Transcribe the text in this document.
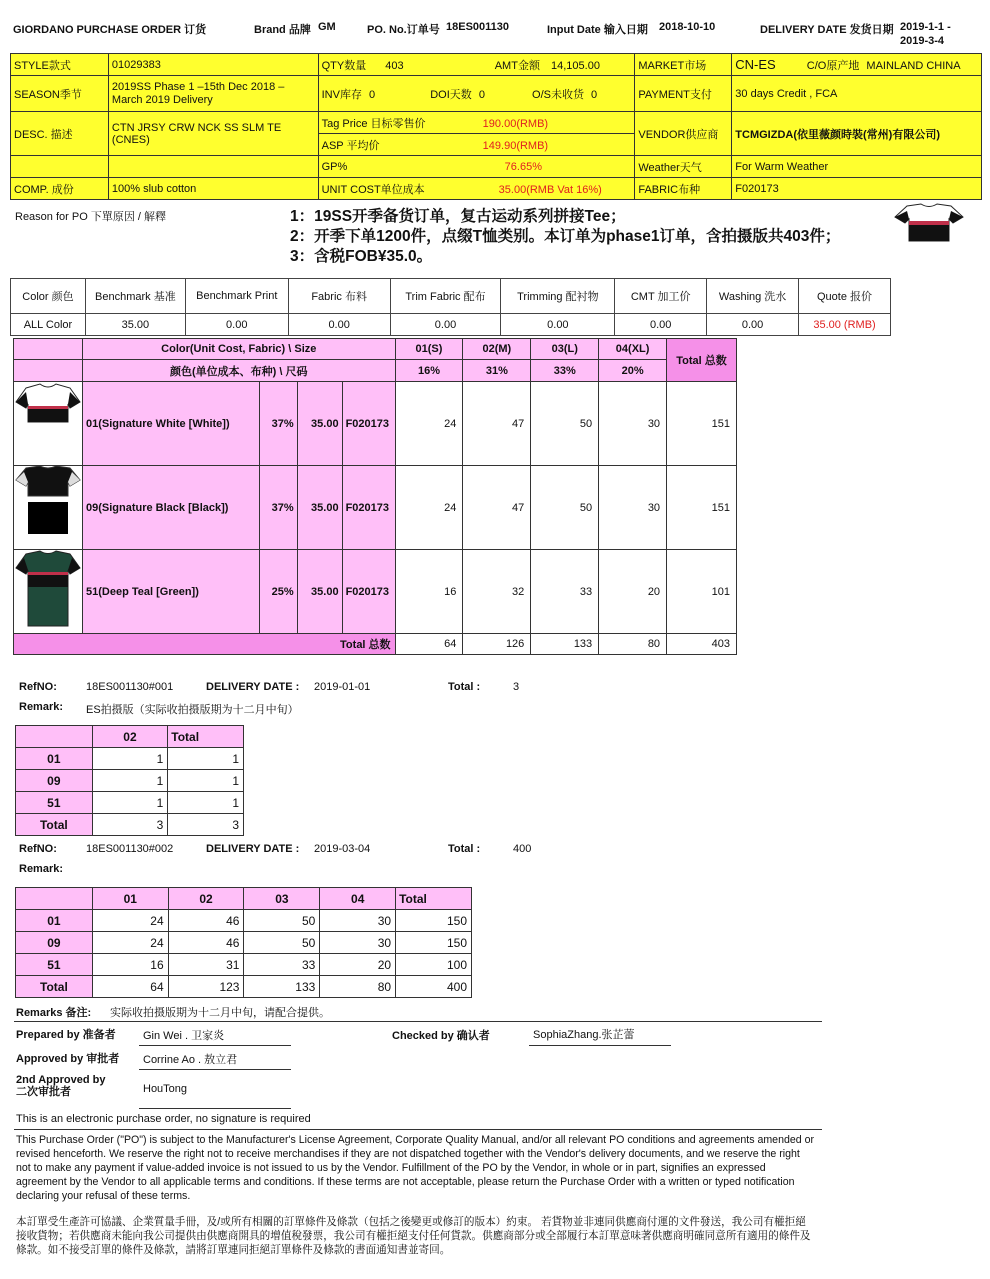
GIORDANO PURCHASE ORDER 订货	Brand 品牌 GM	PO. No.订单号 18ES001130	Input Date 输入日期 2018-10-10	DELIVERY DATE 发货日期 2019-1-1 -
2019-3-4
STYLE款式	01029383	QTY数量 403 AMT金额 14,105.00	MARKET市场	CN-ES C/O原产地 MAINLAND CHINA
SEASON季节	2019SS Phase 1 –15th Dec 2018 –
March 2019 Delivery	INV库存 0 DOI天数 0 O/S未收货 0	PAYMENT支付	30 days Credit , FCA
DESC. 描述	CTN JRSY CRW NCK SS SLM TE (CNES)	Tag Price 目标零售价 190.00(RMB)	VENDOR供应商	TCMGIZDA(依里薇颜時裝(常州)有限公司)
		ASP 平均价 149.90(RMB)		
		GP% 76.65%	Weather天气	For Warm Weather
COMP. 成份	100% slub cotton	UNIT COST单位成本 35.00(RMB Vat 16%)	FABRIC布种	F020173
Reason for PO 下單原因 / 解釋	1：19SS开季备货订单，复古运动系列拼接Tee；
2：开季下单1200件，点缀T恤类别。本订单为phase1订单，含拍摄版共403件；
3：含税FOB¥35.0。
Color 颜色	Benchmark 基准	Benchmark Print	Fabric 布料	Trim Fabric 配布	Trimming 配衬物	CMT 加工价	Washing 洗水	Quote 报价
ALL Color	35.00	0.00	0.00	0.00	0.00	0.00	0.00	35.00 (RMB)
	Color(Unit Cost, Fabric) \ Size				01(S)	02(M)	03(L)	04(XL)	Total 总数
	颜色(单位成本、布种) \ 尺码				16%	31%	33%	20%	
	01(Signature White [White])	37%	35.00	F020173	24	47	50	30	151
	09(Signature Black [Black])	37%	35.00	F020173	24	47	50	30	151
	51(Deep Teal [Green])	25%	35.00	F020173	16	32	33	20	101
Total 总数					64	126	133	80	403
RefNO:	18ES001130#001	DELIVERY DATE : 2019-01-01	Total :	3
Remark: ES拍摄版（实际收拍摄版期为十二月中旬）
	02	Total
01	1	1
09	1	1
51	1	1
Total	3	3
RefNO:	18ES001130#002	DELIVERY DATE : 2019-03-04	Total :	400
Remark:
	01	02	03	04	Total
01	24	46	50	30	150
09	24	46	50	30	150
51	16	31	33	20	100
Total	64	123	133	80	400
Remarks 备注: 实际收拍摄版期为十二月中旬，请配合提供。
Prepared by 准备者 Gin Wei . 卫家炎	Checked by 确认者	SophiaZhang.张芷蕾
Approved by 审批者 Corrine Ao . 敖立君
2nd Approved by
二次审批者	HouTong
This is an electronic purchase order, no signature is required
This Purchase Order ("PO") is subject to the Manufacturer's License Agreement, Corporate Quality Manual, and/or all relevant PO conditions and agreements amended or revised henceforth. We reserve the right not to receive merchandises if they are not dispatched together with the Vendor's delivery documents, and we reserve the right not to make any payment if value-added invoice is not issued to us by the Vendor. Fulfillment of the PO by the Vendor, in whole or in part, signifies an expressed agreement by the Vendor to all applicable terms and conditions. If these terms are not acceptable, please return the Purchase Order with a written or typed notification declaring your refusal of these terms.
本訂單受生產許可協議、企業質量手冊，及/或所有相關的訂單條件及條款（包括之後變更或修訂的版本）約束。 若貨物並非連同供應商付運的文件發送，我公司有權拒絕接收貨物；若供應商未能向我公司提供由供應商開具的增值稅發票，我公司有權拒絕支付任何貨款。供應商部分或全部履行本訂單意味著供應商明確同意所有適用的條件及條款。如不接受訂單的條件及條款，請將訂單連同拒絕訂單條件及條款的書面通知書並寄回。
